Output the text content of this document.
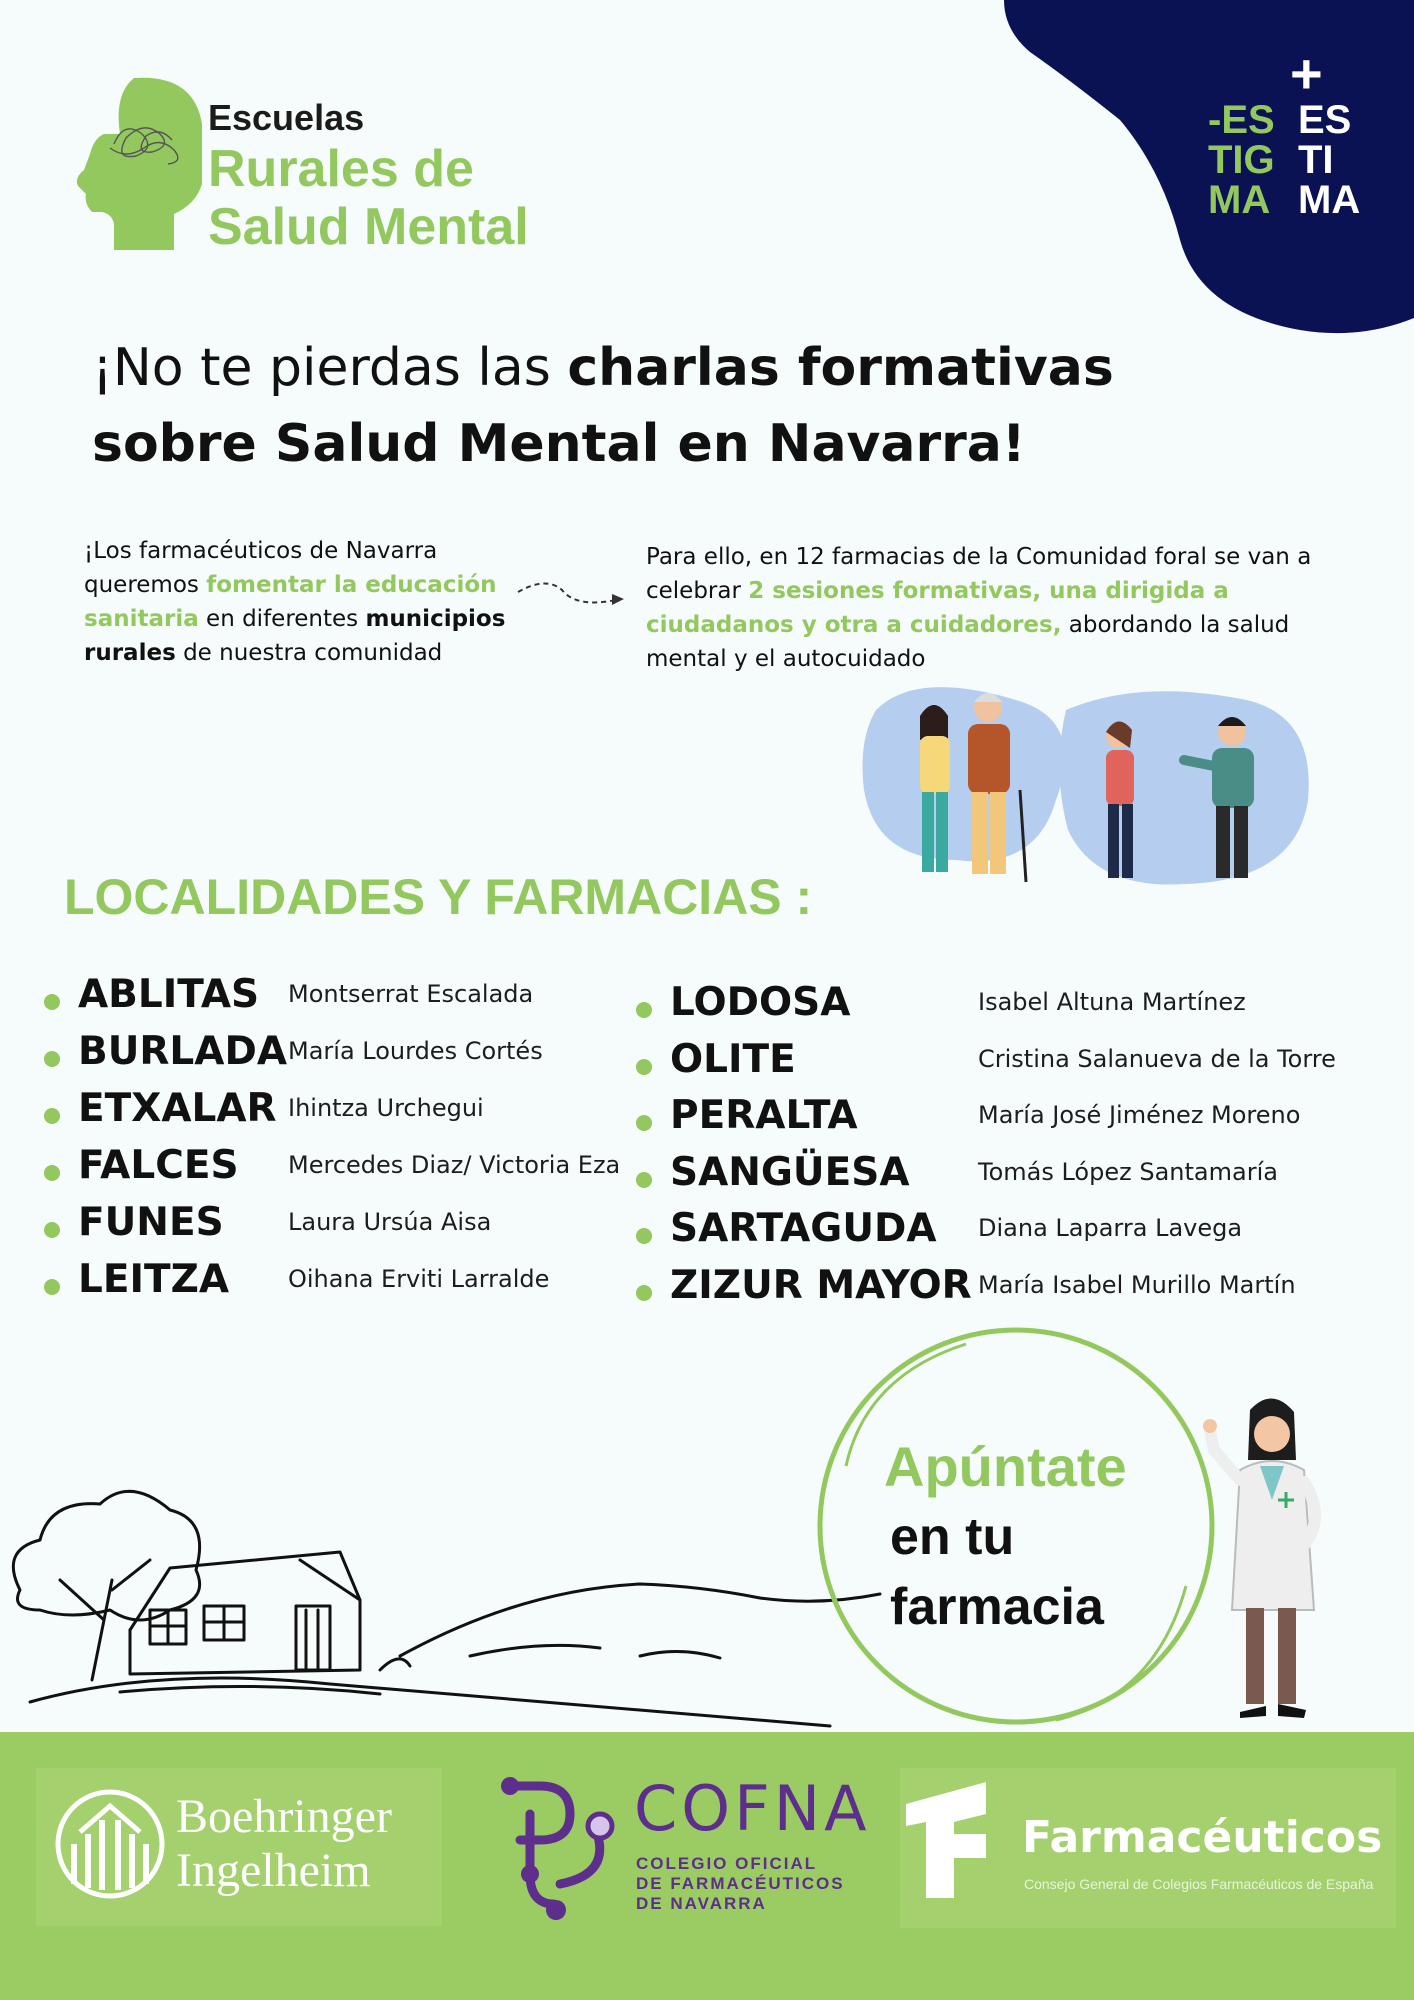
Escuelas
Rurales de
Salud Mental
+
-ES
TIG
MA
ES
TI
MA
¡No te pierdas las charlas formativas
sobre Salud Mental en Navarra!
¡Los farmacéuticos de Navarra queremos fomentar la educación sanitaria en diferentes municipios rurales de nuestra comunidad
Para ello, en 12 farmacias de la Comunidad foral se van a celebrar 2 sesiones formativas, una dirigida a ciudadanos y otra a cuidadores, abordando la salud mental y el autocuidado
LOCALIDADES Y FARMACIAS :
ABLITAS Montserrat Escalada
BURLADA María Lourdes Cortés
ETXALAR Ihintza Urchegui
FALCES Mercedes Diaz/ Victoria Eza
FUNES	Laura Ursúa Aisa
LEITZA Oihana Erviti Larralde
LODOSA	Isabel Altuna Martínez
OLITE	Cristina Salanueva de la Torre
PERALTA	María José Jiménez Moreno
SANGÜESA	Tomás López Santamaría
SARTAGUDA Diana Laparra Lavega
ZIZUR MAYOR María Isabel Murillo Martín
Apúntate
en tu
farmacia
Boehringer
Ingelheim
COFNA
COLEGIO OFICIAL
DE FARMACÉUTICOS
DE NAVARRA
Farmacéuticos
Consejo General de Colegios Farmacéuticos de España
